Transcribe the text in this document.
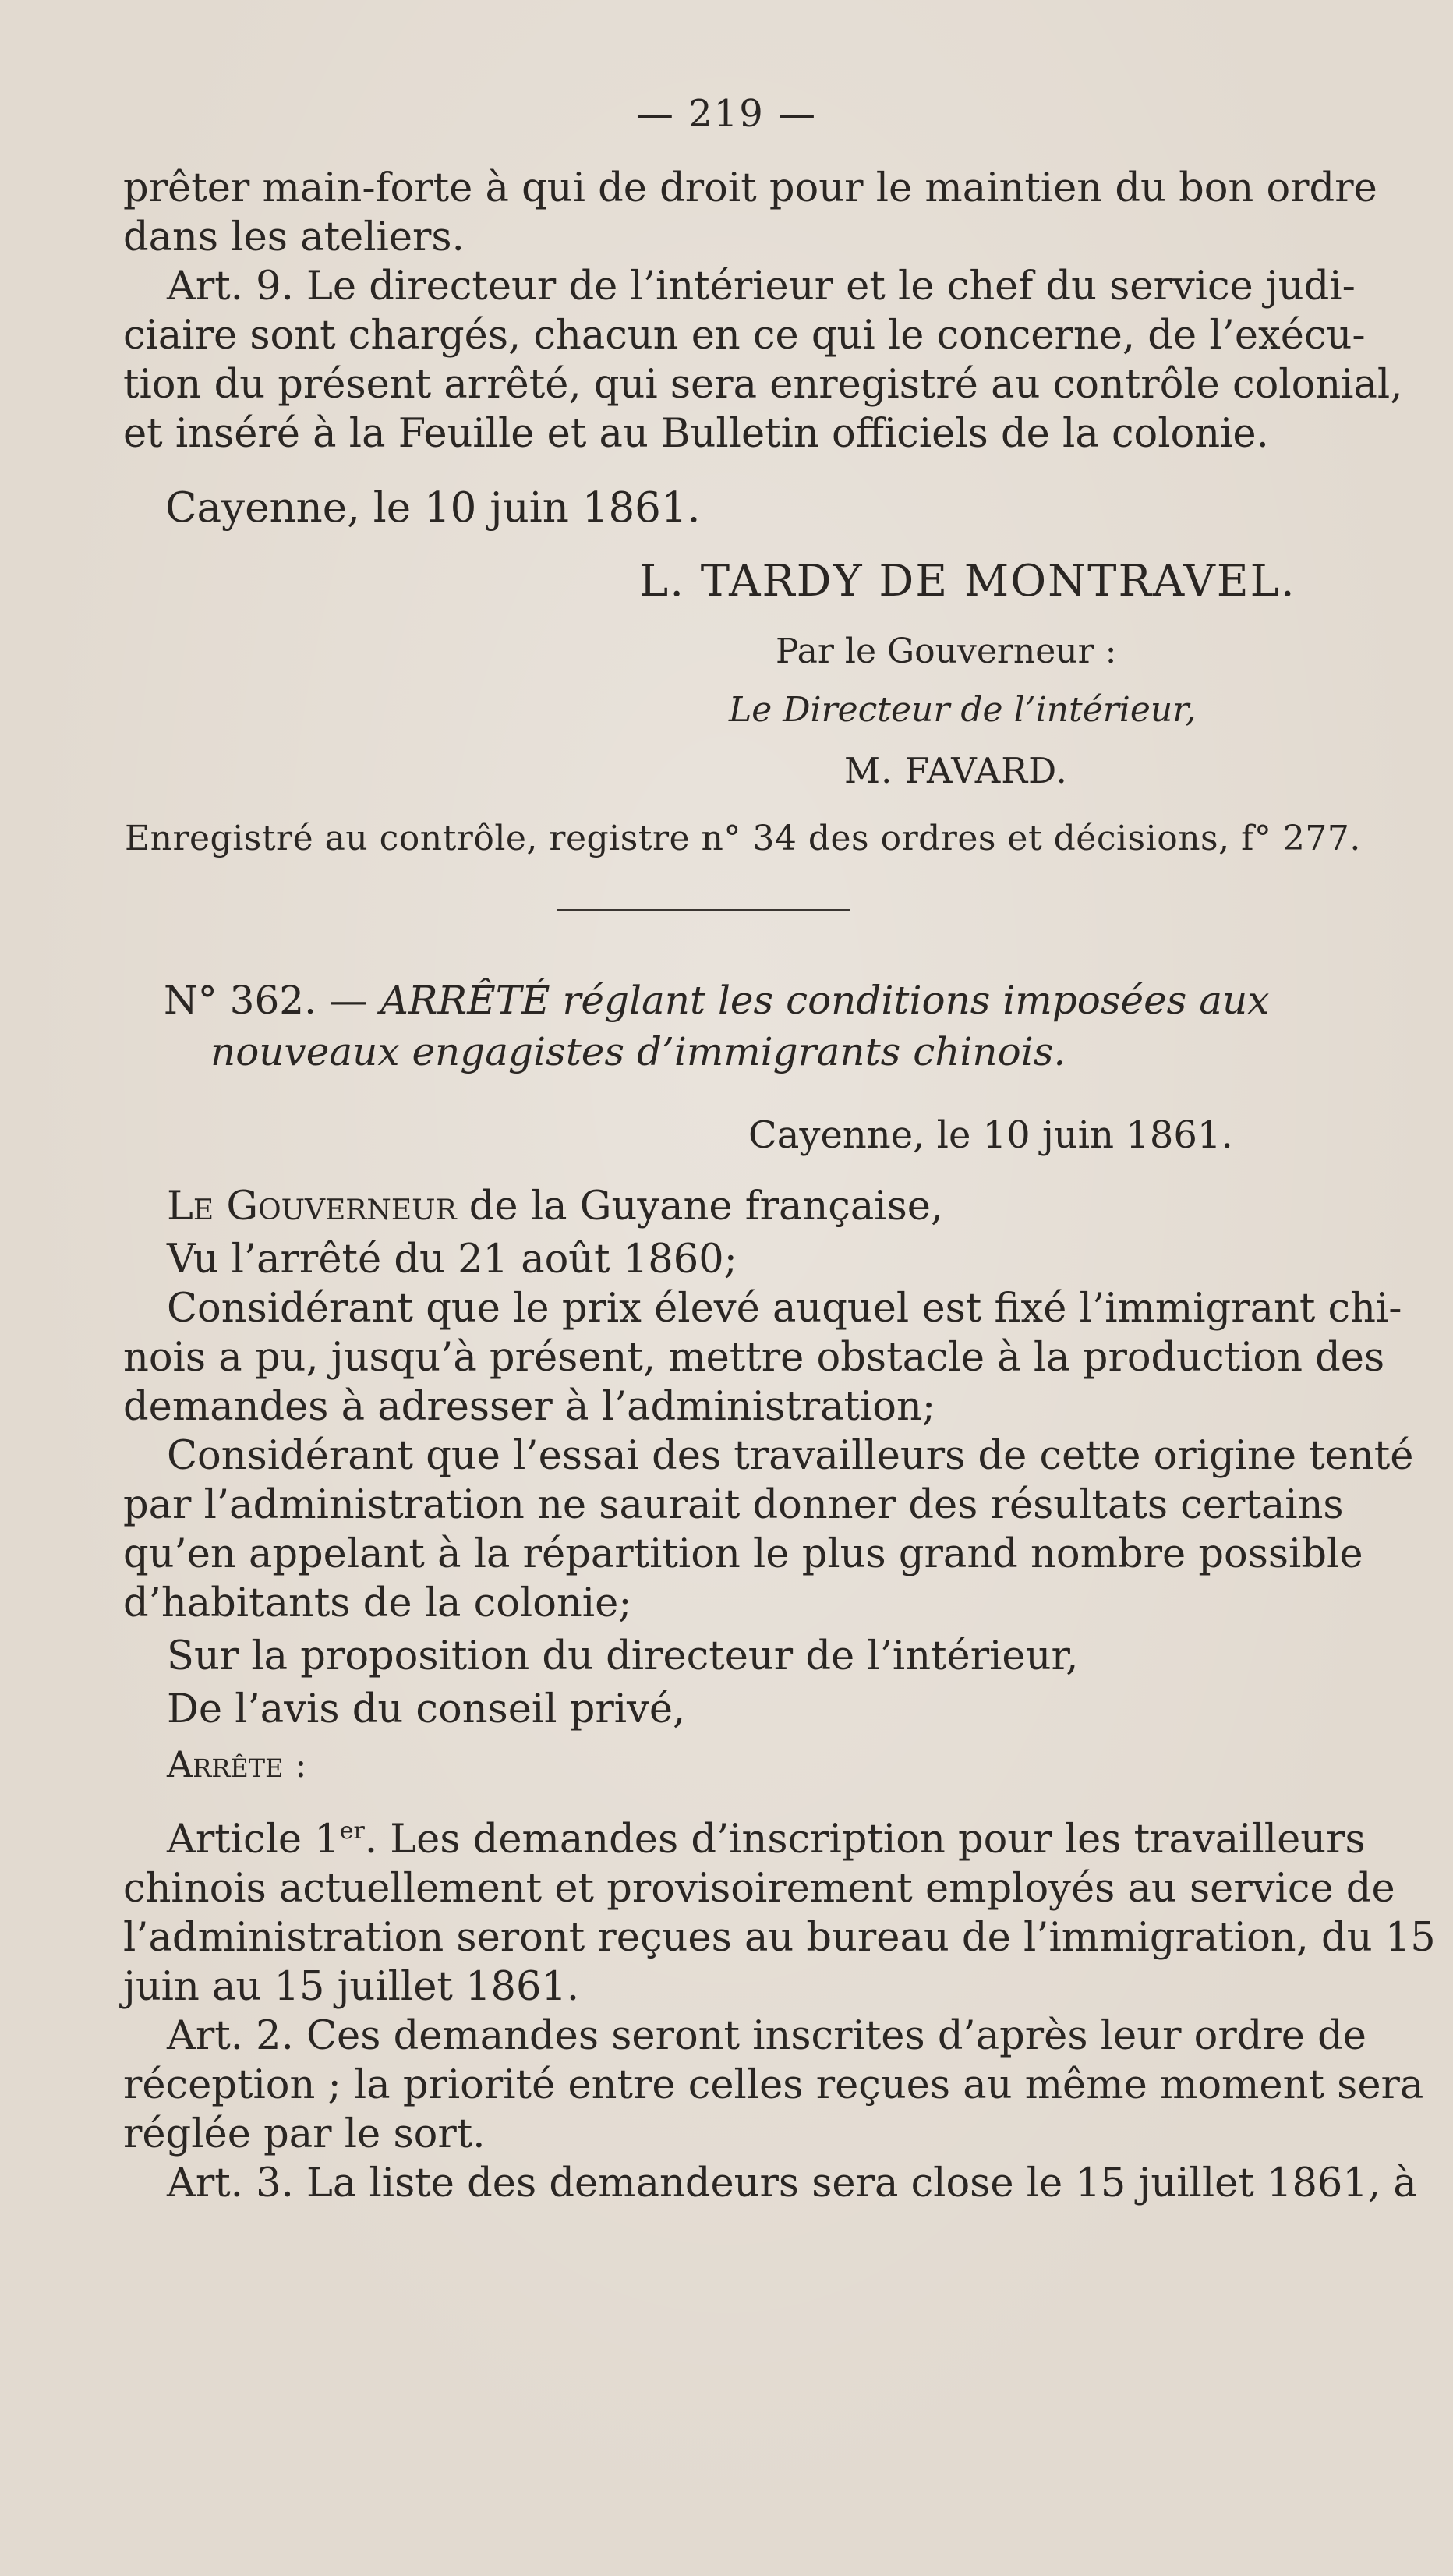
— 219 —
prêter main-forte à qui de droit pour le maintien du bon ordre
dans les ateliers.
Art. 9. Le directeur de l’intérieur et le chef du service judi-
ciaire sont chargés, chacun en ce qui le concerne, de l’exécu-
tion du présent arrêté, qui sera enregistré au contrôle colonial,
et inséré à la Feuille et au Bulletin officiels de la colonie.
Cayenne, le 10 juin 1861.
L. TARDY DE MONTRAVEL.
Par le Gouverneur :
Le Directeur de l’intérieur,
M. FAVARD.
Enregistré au contrôle, registre n° 34 des ordres et décisions, f° 277.
N° 362. — ARRÊTÉ réglant les conditions imposées aux
nouveaux engagistes d’immigrants chinois.
Cayenne, le 10 juin 1861.
Le Gouverneur de la Guyane française,
Vu l’arrêté du 21 août 1860;
Considérant que le prix élevé auquel est fixé l’immigrant chi-
nois a pu, jusqu’à présent, mettre obstacle à la production des
demandes à adresser à l’administration;
Considérant que l’essai des travailleurs de cette origine tenté
par l’administration ne saurait donner des résultats certains
qu’en appelant à la répartition le plus grand nombre possible
d’habitants de la colonie;
Sur la proposition du directeur de l’intérieur,
De l’avis du conseil privé,
Arrête :
Article 1er. Les demandes d’inscription pour les travailleurs
chinois actuellement et provisoirement employés au service de
l’administration seront reçues au bureau de l’immigration, du 15
juin au 15 juillet 1861.
Art. 2. Ces demandes seront inscrites d’après leur ordre de
réception ; la priorité entre celles reçues au même moment sera
réglée par le sort.
Art. 3. La liste des demandeurs sera close le 15 juillet 1861, à
